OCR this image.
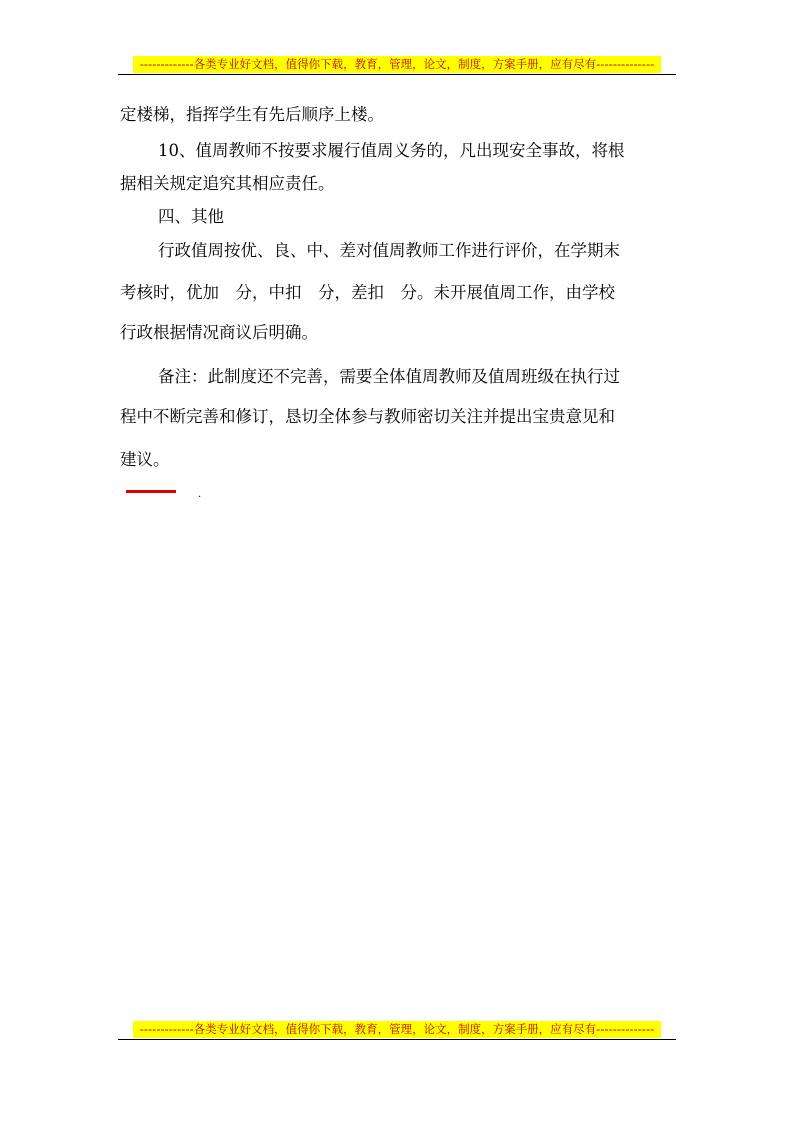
-------------各类专业好文档，值得你下载，教育，管理，论文，制度，方案手册，应有尽有--------------
定楼梯，指挥学生有先后顺序上楼。
10、值周教师不按要求履行值周义务的，凡出现安全事故，将根
据相关规定追究其相应责任。
四、其他
行政值周按优、良、中、差对值周教师工作进行评价，在学期末
考核时，优加　分，中扣　分，差扣　分。未开展值周工作，由学校
行政根据情况商议后明确。
备注：此制度还不完善，需要全体值周教师及值周班级在执行过
程中不断完善和修订，恳切全体参与教师密切关注并提出宝贵意见和
建议。
.
-------------各类专业好文档，值得你下载，教育，管理，论文，制度，方案手册，应有尽有--------------
